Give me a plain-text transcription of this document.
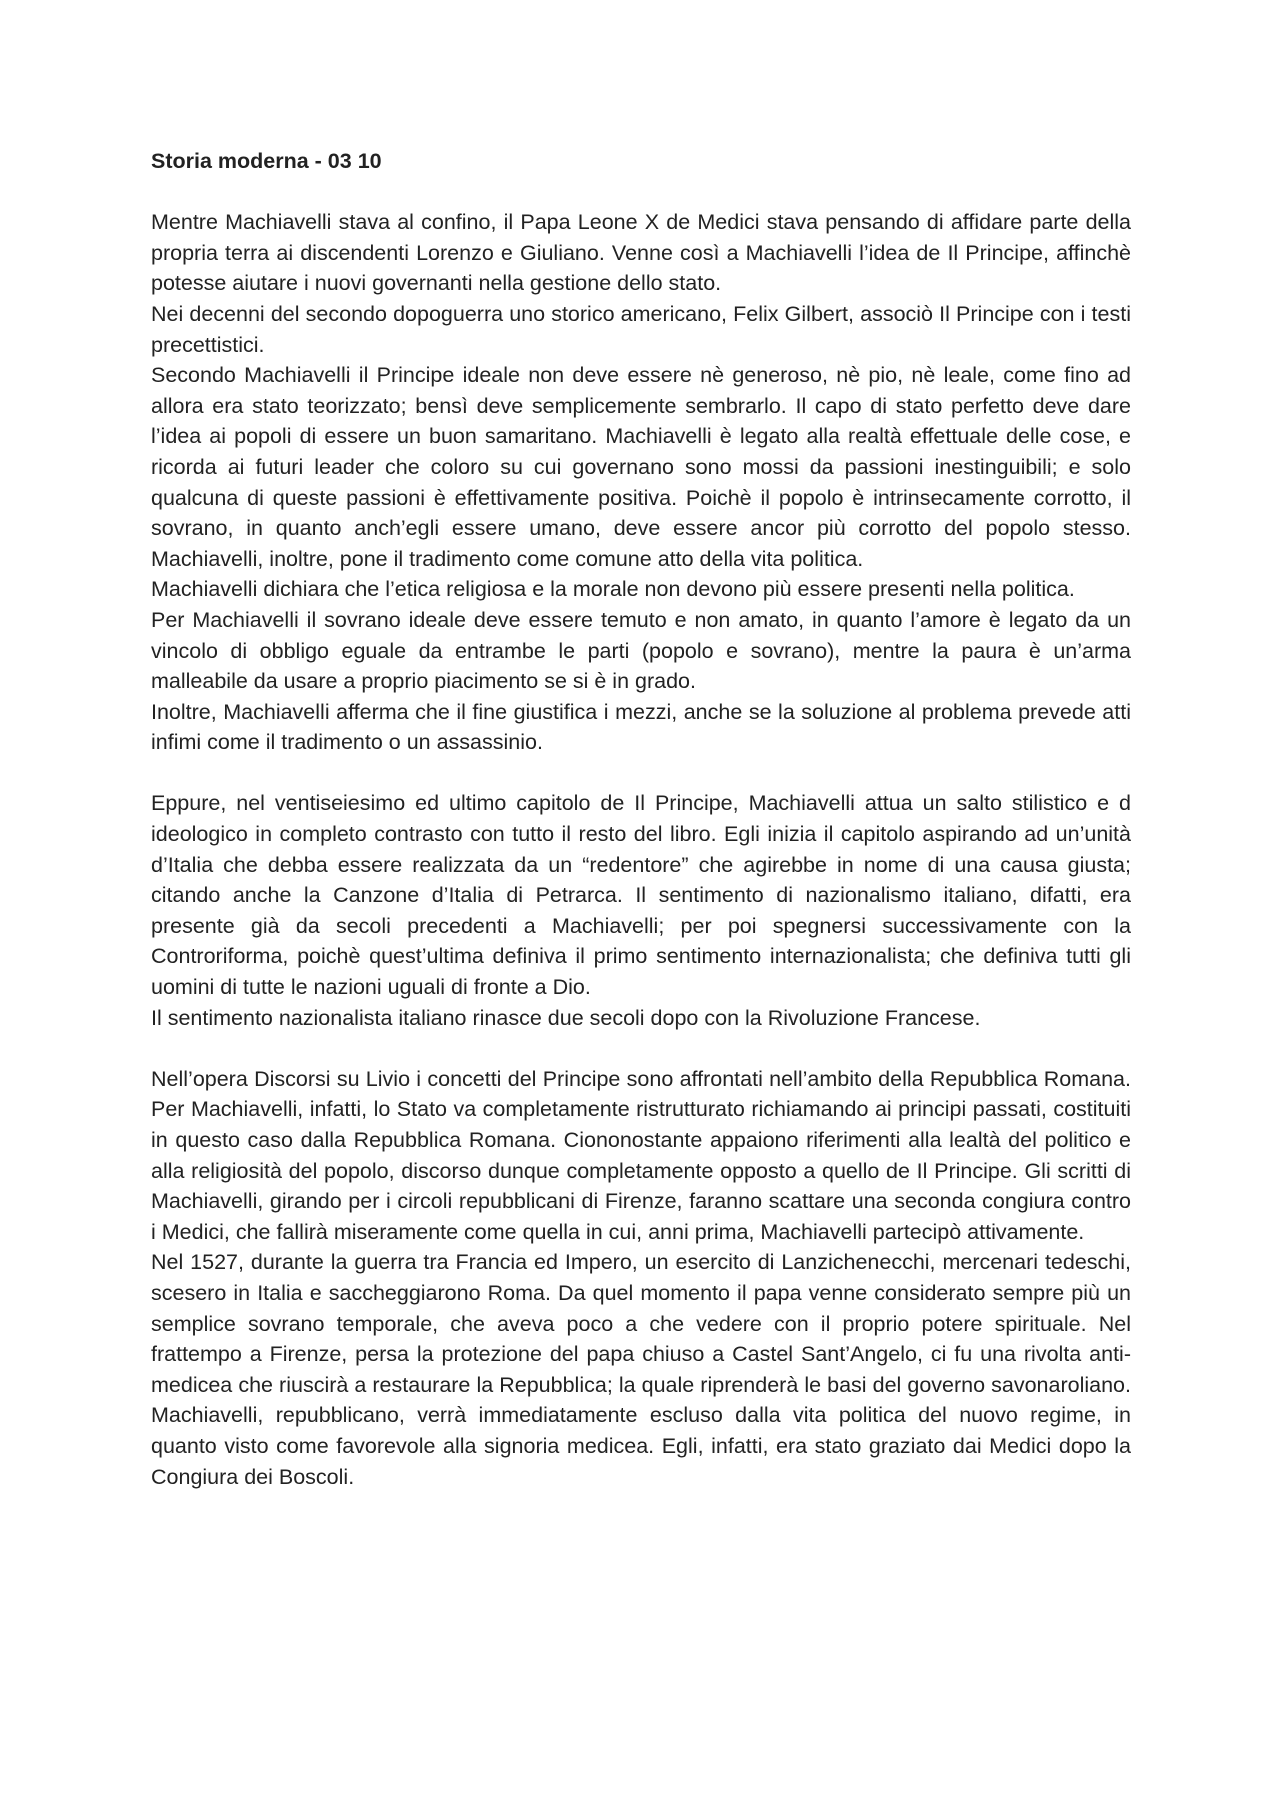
Storia moderna - 03 10

Mentre Machiavelli stava al confino, il Papa Leone X de Medici stava pensando di affidare parte della propria terra ai discendenti Lorenzo e Giuliano. Venne così a Machiavelli l’idea de Il Principe, affinchè potesse aiutare i nuovi governanti nella gestione dello stato.

Nei decenni del secondo dopoguerra uno storico americano, Felix Gilbert, associò Il Principe con i testi precettistici.

Secondo Machiavelli il Principe ideale non deve essere nè generoso, nè pio, nè leale, come fino ad allora era stato teorizzato; bensì deve semplicemente sembrarlo. Il capo di stato perfetto deve dare l’idea ai popoli di essere un buon samaritano. Machiavelli è legato alla realtà effettuale delle cose, e ricorda ai futuri leader che coloro su cui governano sono mossi da passioni inestinguibili; e solo qualcuna di queste passioni è effettivamente positiva. Poichè il popolo è intrinsecamente corrotto, il sovrano, in quanto anch’egli essere umano, deve essere ancor più corrotto del popolo stesso. Machiavelli, inoltre, pone il tradimento come comune atto della vita politica.

Machiavelli dichiara che l’etica religiosa e la morale non devono più essere presenti nella politica.

Per Machiavelli il sovrano ideale deve essere temuto e non amato, in quanto l’amore è legato da un vincolo di obbligo eguale da entrambe le parti (popolo e sovrano), mentre la paura è un’arma malleabile da usare a proprio piacimento se si è in grado.

Inoltre, Machiavelli afferma che il fine giustifica i mezzi, anche se la soluzione al problema prevede atti infimi come il tradimento o un assassinio.

Eppure, nel ventiseiesimo ed ultimo capitolo de Il Principe, Machiavelli attua un salto stilistico e d ideologico in completo contrasto con tutto il resto del libro. Egli inizia il capitolo aspirando ad un’unità d’Italia che debba essere realizzata da un “redentore” che agirebbe in nome di una causa giusta; citando anche la Canzone d’Italia di Petrarca. Il sentimento di nazionalismo italiano, difatti, era presente già da secoli precedenti a Machiavelli; per poi spegnersi successivamente con la Controriforma, poichè quest’ultima definiva il primo sentimento internazionalista; che definiva tutti gli uomini di tutte le nazioni uguali di fronte a Dio.

Il sentimento nazionalista italiano rinasce due secoli dopo con la Rivoluzione Francese.

Nell’opera Discorsi su Livio i concetti del Principe sono affrontati nell’ambito della Repubblica Romana. Per Machiavelli, infatti, lo Stato va completamente ristrutturato richiamando ai principi passati, costituiti in questo caso dalla Repubblica Romana. Ciononostante appaiono riferimenti alla lealtà del politico e alla religiosità del popolo, discorso dunque completamente opposto a quello de Il Principe. Gli scritti di Machiavelli, girando per i circoli repubblicani di Firenze, faranno scattare una seconda congiura contro i Medici, che fallirà miseramente come quella in cui, anni prima, Machiavelli partecipò attivamente.

Nel 1527, durante la guerra tra Francia ed Impero, un esercito di Lanzichenecchi, mercenari tedeschi, scesero in Italia e saccheggiarono Roma. Da quel momento il papa venne considerato sempre più un semplice sovrano temporale, che aveva poco a che vedere con il proprio potere spirituale. Nel frattempo a Firenze, persa la protezione del papa chiuso a Castel Sant’Angelo, ci fu una rivolta anti-medicea che riuscirà a restaurare la Repubblica; la quale riprenderà le basi del governo savonaroliano. Machiavelli, repubblicano, verrà immediatamente escluso dalla vita politica del nuovo regime, in quanto visto come favorevole alla signoria medicea. Egli, infatti, era stato graziato dai Medici dopo la Congiura dei Boscoli.
